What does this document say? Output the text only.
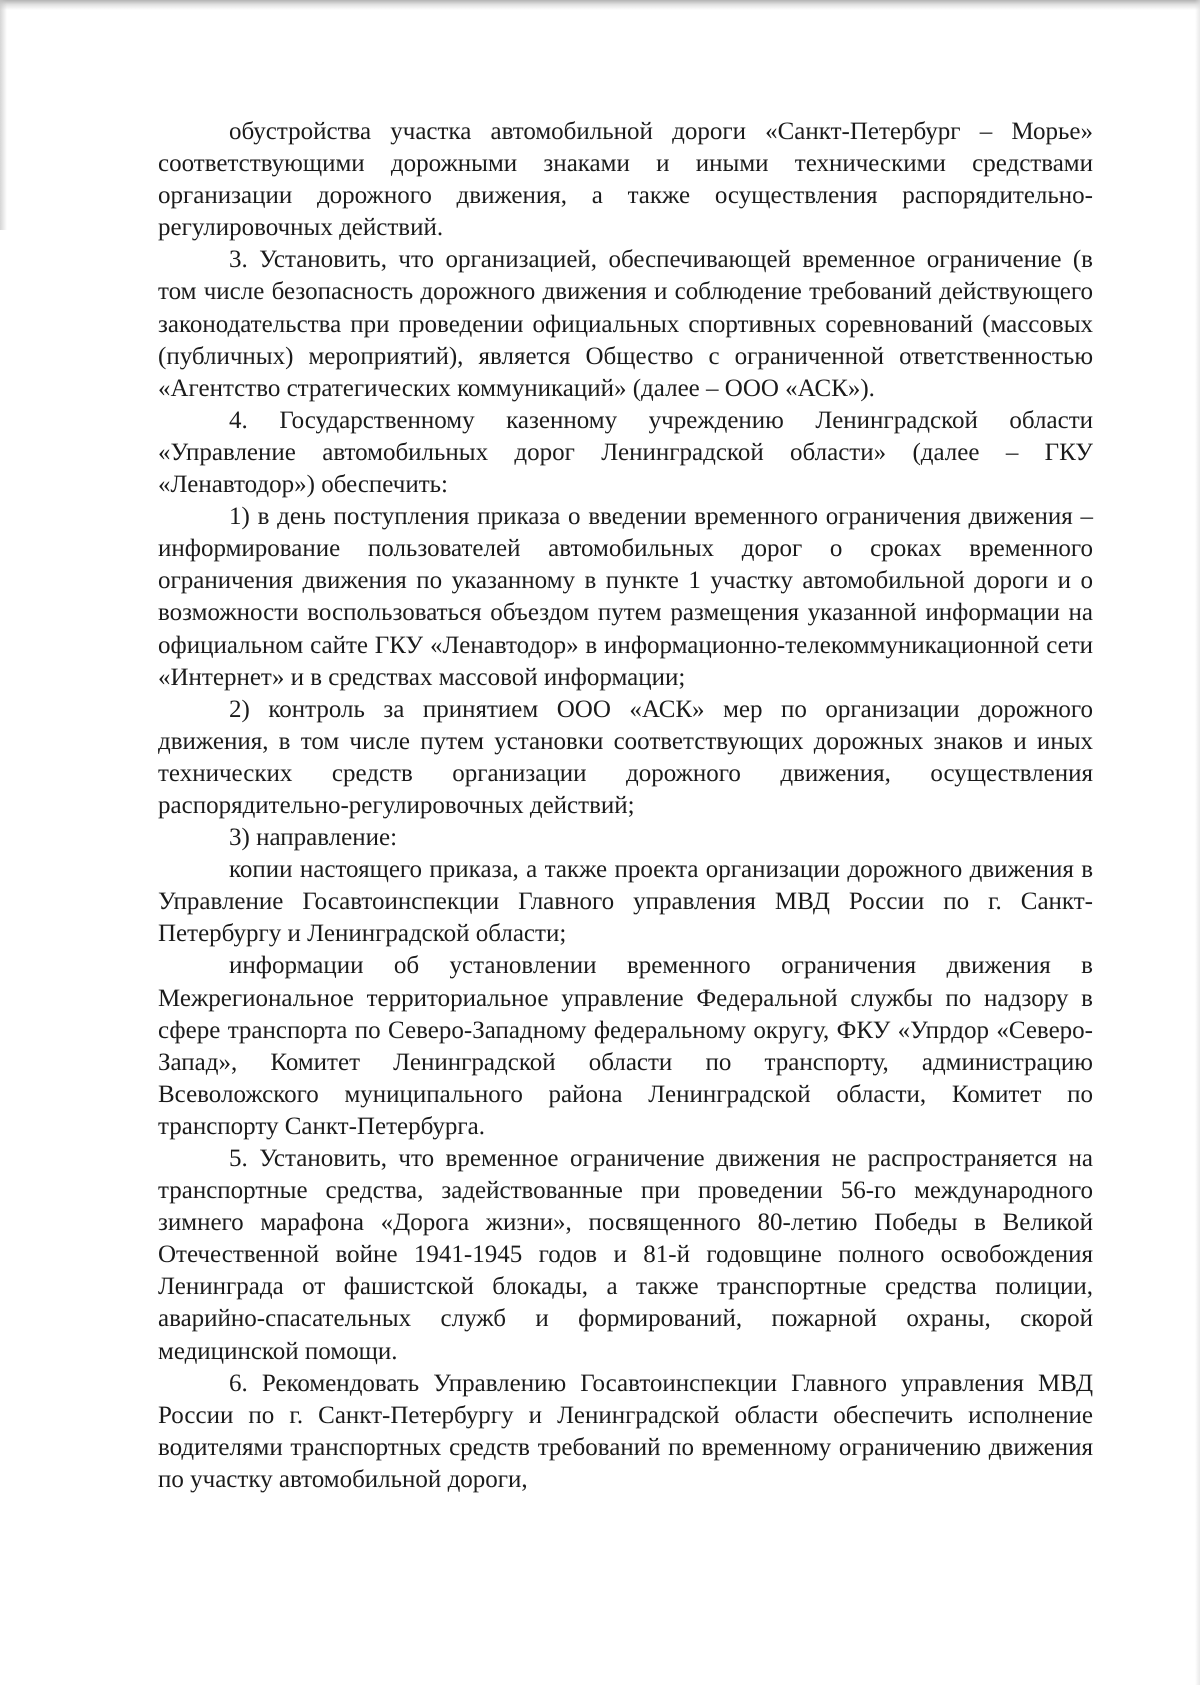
обустройства участка автомобильной дороги «Санкт-Петербург – Морье» соответствующими дорожными знаками и иными техническими средствами организации дорожного движения, а также осуществления распорядительно-регулировочных действий.

3. Установить, что организацией, обеспечивающей временное ограничение (в том числе безопасность дорожного движения и соблюдение требований действующего законодательства при проведении официальных спортивных соревнований (массовых (публичных) мероприятий), является Общество с ограниченной ответственностью «Агентство стратегических коммуникаций» (далее – ООО «АСК»).

4. Государственному казенному учреждению Ленинградской области «Управление автомобильных дорог Ленинградской области» (далее – ГКУ «Ленавтодор») обеспечить:

1) в день поступления приказа о введении временного ограничения движения – информирование пользователей автомобильных дорог о сроках временного ограничения движения по указанному в пункте 1 участку автомобильной дороги и о возможности воспользоваться объездом путем размещения указанной информации на официальном сайте ГКУ «Ленавтодор» в информационно-телекоммуникационной сети «Интернет» и в средствах массовой информации;

2) контроль за принятием ООО «АСК» мер по организации дорожного движения, в том числе путем установки соответствующих дорожных знаков и иных технических средств организации дорожного движения, осуществления распорядительно-регулировочных действий;

3) направление:

копии настоящего приказа, а также проекта организации дорожного движения в Управление Госавтоинспекции Главного управления МВД России по г. Санкт-Петербургу и Ленинградской области;

информации об установлении временного ограничения движения в Межрегиональное территориальное управление Федеральной службы по надзору в сфере транспорта по Северо-Западному федеральному округу, ФКУ «Упрдор «Северо-Запад», Комитет Ленинградской области по транспорту, администрацию Всеволожского муниципального района Ленинградской области, Комитет по транспорту Санкт-Петербурга.

5. Установить, что временное ограничение движения не распространяется на транспортные средства, задействованные при проведении 56-го международного зимнего марафона «Дорога жизни», посвященного 80-летию Победы в Великой Отечественной войне 1941-1945 годов и 81-й годовщине полного освобождения Ленинграда от фашистской блокады, а также транспортные средства полиции, аварийно-спасательных служб и формирований, пожарной охраны, скорой медицинской помощи.

6. Рекомендовать Управлению Госавтоинспекции Главного управления МВД России по г. Санкт-Петербургу и Ленинградской области обеспечить исполнение водителями транспортных средств требований по временному ограничению движения по участку автомобильной дороги,
